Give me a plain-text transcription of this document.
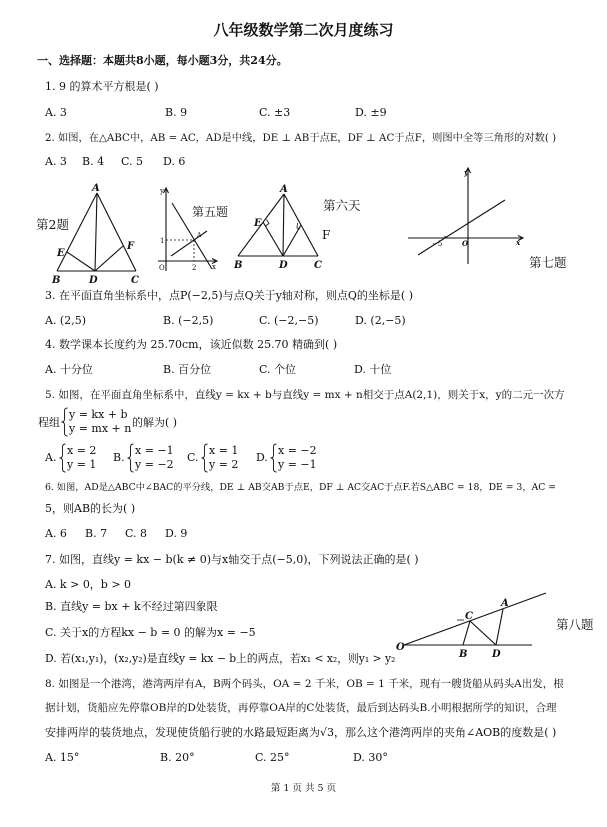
八年级数学第二次月度练习
一、选择题：本题共8小题，每小题3分，共24分。
1. 9 的算术平方根是( )
A. 3	B. 9	C. ±3	D. ±9
2. 如图，在△ABC中，AB = AC，AD是中线，DE ⊥ AB于点E，DF ⊥ AC于点F，则图中全等三角形的对数( )
A. 3 B. 4 C. 5 D. 6
第2题
第五题	第六天
第七题
第八题
3. 在平面直角坐标系中，点P(−2,5)与点Q关于y轴对称，则点Q的坐标是( )
A. (2,5)	B. (−2,5)	C. (−2,−5)	D. (2,−5)
4. 数学课本长度约为 25.70cm，该近似数 25.70 精确到( )
A. 十分位	B. 百分位	C. 个位	D. 十位
5. 如图，在平面直角坐标系中，直线y = kx + b与直线y = mx + n相交于点A(2,1)，则关于x，y的二元一次方
程组
y = kx + b
y = mx + n 的解为( )
A.
x = 2
y = 1
B.
x = −1
y = −2
C.
x = 1
y = 2
D.
x = −2
y = −1
6. 如图，AD是△ABC中∠BAC的平分线，DE ⊥ AB交AB于点E，DF ⊥ AC交AC于点F.若S△ABC = 18，DE = 3，AC =
5，则AB的长为( )
A. 6 B. 7 C. 8 D. 9
7. 如图，直线y = kx − b(k ≠ 0)与x轴交于点(−5,0)，下列说法正确的是( )
A. k > 0，b > 0
B. 直线y = bx + k不经过第四象限
C. 关于x的方程kx − b = 0 的解为x = −5
D. 若(x₁,y₁)，(x₂,y₂)是直线y = kx − b上的两点，若x₁ < x₂，则y₁ > y₂
8. 如图是一个港湾，港湾两岸有A，B两个码头，OA = 2 千米，OB = 1 千米，现有一艘货船从码头A出发，根
据计划，货船应先停靠OB岸的D处装货，再停靠OA岸的C处装货，最后到达码头B.小明根据所学的知识，合理
安排两岸的装货地点，发现使货船行驶的水路最短距离为√3，那么这个港湾两岸的夹角∠AOB的度数是( )
A. 15°	B. 20°	C. 25°	D. 30°
第 1 页 共 5 页
A
E
F
B	D	C
y
x
O
1
2
A
A
E
B	D	C
F
y
x
−5	O
A
C
O
B D
